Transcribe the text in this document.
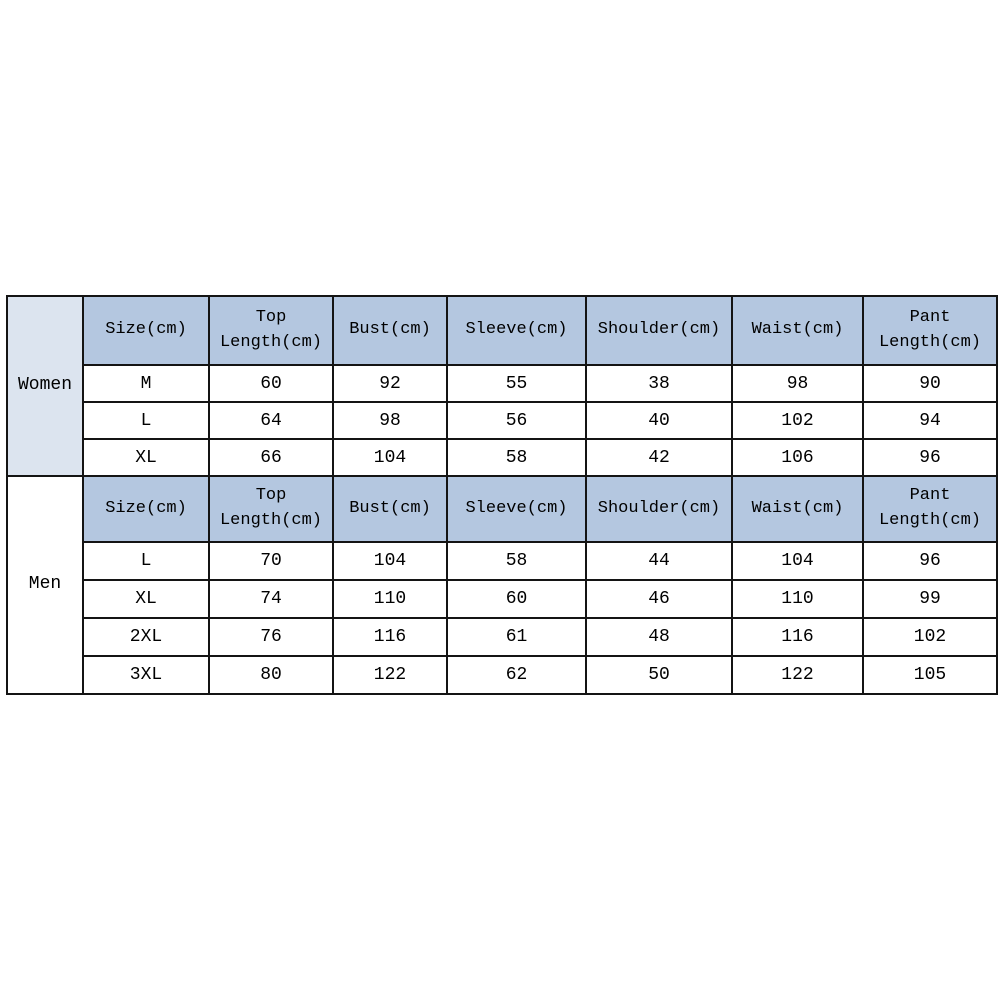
Women	Size(cm)	Top Length(cm)	Bust(cm)	Sleeve(cm)	Shoulder(cm)	Waist(cm)	Pant Length(cm)
	M	60	92	55	38	98	90
	L	64	98	56	40	102	94
	XL	66	104	58	42	106	96
Men	Size(cm)	Top Length(cm)	Bust(cm)	Sleeve(cm)	Shoulder(cm)	Waist(cm)	Pant Length(cm)
	L	70	104	58	44	104	96
	XL	74	110	60	46	110	99
	2XL	76	116	61	48	116	102
	3XL	80	122	62	50	122	105
